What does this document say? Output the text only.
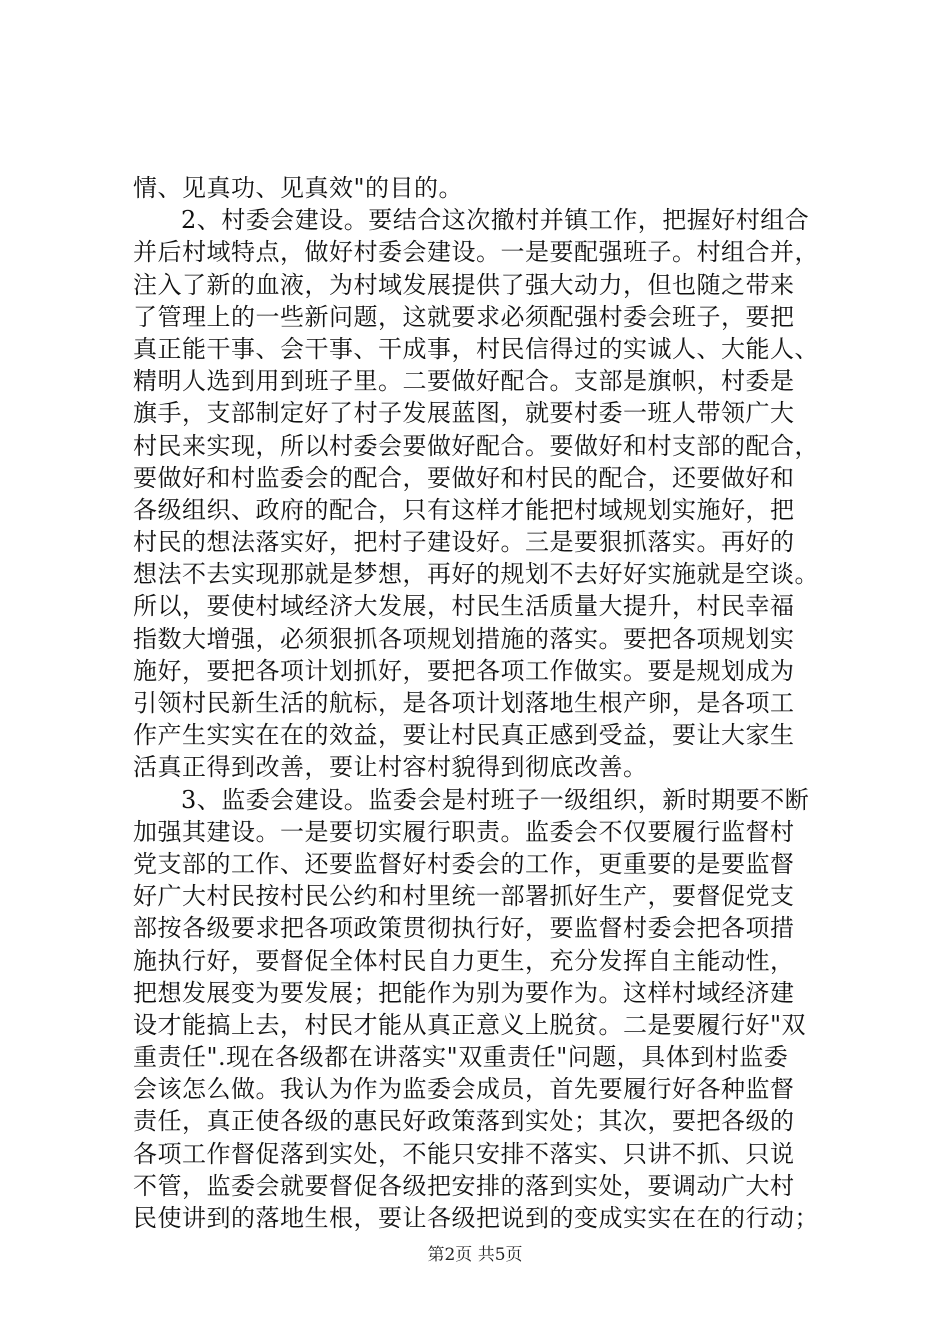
情、见真功、见真效"的目的。
2、村委会建设。要结合这次撤村并镇工作，把握好村组合
并后村域特点，做好村委会建设。一是要配强班子。村组合并，
注入了新的血液，为村域发展提供了强大动力，但也随之带来
了管理上的一些新问题，这就要求必须配强村委会班子，要把
真正能干事、会干事、干成事，村民信得过的实诚人、大能人、
精明人选到用到班子里。二要做好配合。支部是旗帜，村委是
旗手，支部制定好了村子发展蓝图，就要村委一班人带领广大
村民来实现，所以村委会要做好配合。要做好和村支部的配合，
要做好和村监委会的配合，要做好和村民的配合，还要做好和
各级组织、政府的配合，只有这样才能把村域规划实施好，把
村民的想法落实好，把村子建设好。三是要狠抓落实。再好的
想法不去实现那就是梦想，再好的规划不去好好实施就是空谈。
所以，要使村域经济大发展，村民生活质量大提升，村民幸福
指数大增强，必须狠抓各项规划措施的落实。要把各项规划实
施好，要把各项计划抓好，要把各项工作做实。要是规划成为
引领村民新生活的航标，是各项计划落地生根产卵，是各项工
作产生实实在在的效益，要让村民真正感到受益，要让大家生
活真正得到改善，要让村容村貌得到彻底改善。
3、监委会建设。监委会是村班子一级组织，新时期要不断
加强其建设。一是要切实履行职责。监委会不仅要履行监督村
党支部的工作、还要监督好村委会的工作，更重要的是要监督
好广大村民按村民公约和村里统一部署抓好生产，要督促党支
部按各级要求把各项政策贯彻执行好，要监督村委会把各项措
施执行好，要督促全体村民自力更生，充分发挥自主能动性，
把想发展变为要发展；把能作为别为要作为。这样村域经济建
设才能搞上去，村民才能从真正意义上脱贫。二是要履行好"双
重责任".现在各级都在讲落实"双重责任"问题，具体到村监委
会该怎么做。我认为作为监委会成员，首先要履行好各种监督
责任，真正使各级的惠民好政策落到实处；其次，要把各级的
各项工作督促落到实处，不能只安排不落实、只讲不抓、只说
不管，监委会就要督促各级把安排的落到实处，要调动广大村
民使讲到的落地生根，要让各级把说到的变成实实在在的行动；
第2页 共5页
